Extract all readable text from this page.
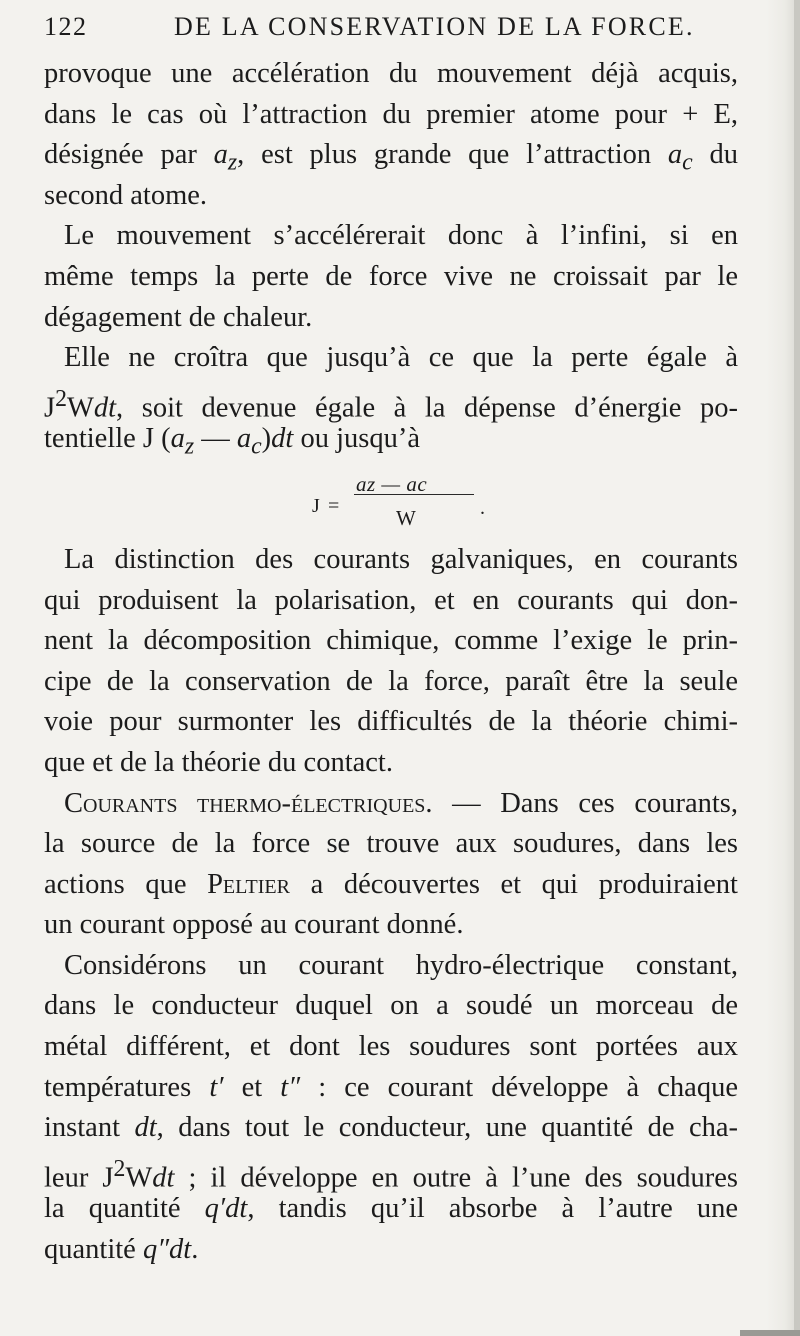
122	DE LA CONSERVATION DE LA FORCE.
provoque une accélération du mouvement déjà acquis,
dans le cas où l’attraction du premier atome pour + E,
désignée par $a_z$, est plus grande que l’attraction $a_c$ du
second atome.
Le mouvement s’accélérerait donc à l’infini, si en
même temps la perte de force vive ne croissait par le
dégagement de chaleur.
Elle ne croîtra que jusqu’à ce que la perte égale à
$J^2Wdt$, soit devenue égale à la dépense d’énergie po-
tentielle J ($a_z$ — $a_c)dt$ ou jusqu’à
J =
az — ac
W	.
La distinction des courants galvaniques, en courants
qui produisent la polarisation, et en courants qui don-
nent la décomposition chimique, comme l’exige le prin-
cipe de la conservation de la force, paraît être la seule
voie pour surmonter les difficultés de la théorie chimi-
que et de la théorie du contact.
Courants thermo-électriques. — Dans ces courants,
la source de la force se trouve aux soudures, dans les
actions que Peltier a découvertes et qui produiraient
un courant opposé au courant donné.
Considérons un courant hydro-électrique constant,
dans le conducteur duquel on a soudé un morceau de
métal différent, et dont les soudures sont portées aux
températures t′ et t″ : ce courant développe à chaque
instant dt, dans tout le conducteur, une quantité de cha-
leur $J^2Wdt$ ; il développe en outre à l’une des soudures
la quantité q′dt, tandis qu’il absorbe à l’autre une
quantité q″dt.
